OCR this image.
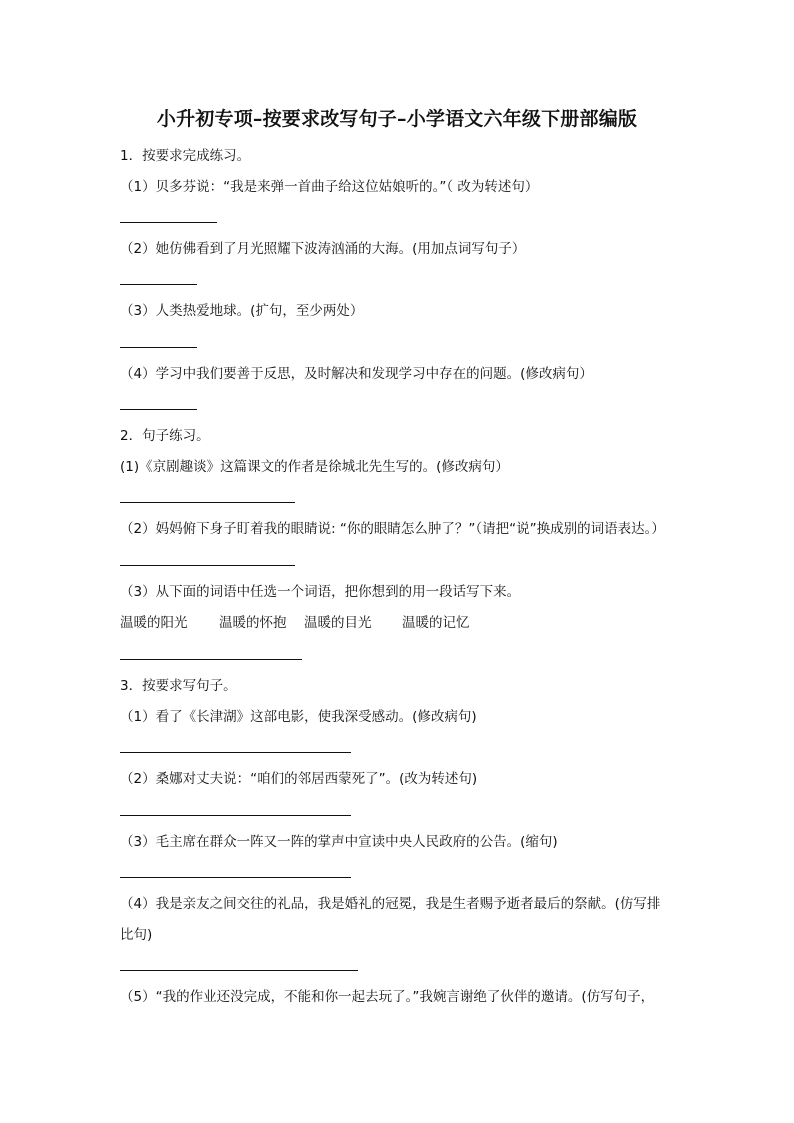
小升初专项–按要求改写句子–小学语文六年级下册部编版
1．按要求完成练习。
（1）贝多芬说：“我是来弹一首曲子给这位姑娘听的。”（ 改为转述句）
（2）她仿佛看到了月光照耀下波涛汹涌的大海。(用加点词写句子）
（3）人类热爱地球。(扩句，至少两处）
（4）学习中我们要善于反思，及时解决和发现学习中存在的问题。(修改病句）
2．句子练习。
(1)《京剧趣谈》这篇课文的作者是徐城北先生写的。(修改病句）
（2）妈妈俯下身子盯着我的眼睛说: “你的眼睛怎么肿了？”（请把“说”换成别的词语表达。）
（3）从下面的词语中任选一个词语，把你想到的用一段话写下来。
温暖的阳光 温暖的怀抱 温暖的目光 温暖的记忆
3．按要求写句子。
（1）看了《长津湖》这部电影，使我深受感动。(修改病句)
（2）桑娜对丈夫说：“咱们的邻居西蒙死了”。(改为转述句)
（3）毛主席在群众一阵又一阵的掌声中宣读中央人民政府的公告。(缩句)
（4）我是亲友之间交往的礼品，我是婚礼的冠冕，我是生者赐予逝者最后的祭献。(仿写排
比句)
（5）“我的作业还没完成，不能和你一起去玩了。”我婉言谢绝了伙伴的邀请。(仿写句子，
